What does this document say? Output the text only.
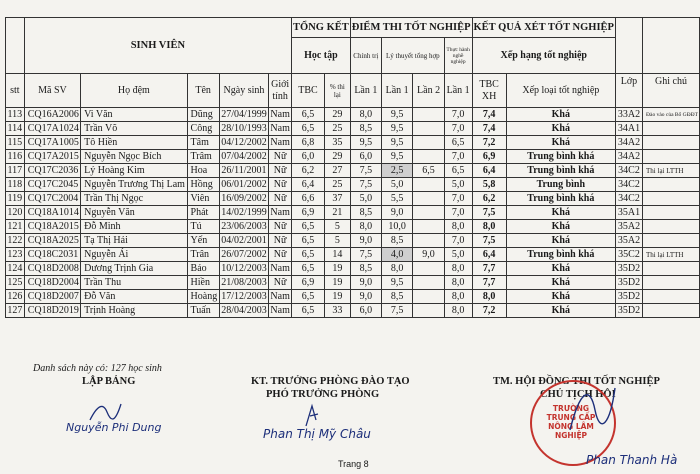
	SINH VIÊN					TỔNG KẾT		ĐIỂM THI TỐT NGHIỆP				KẾT QUẢ XÉT TỐT NGHIỆP			
						Học tập		Chính trị	Lý thuyết tổng hợp		Thực hành nghề nghiệp	Xếp hạng tốt nghiệp			

stt	Mã SV	Họ đệm	Tên	Ngày sinh	Giới tính	TBC	% thi lại	Lần 1	Lần 1	Lần 2	Lần 1	TBC XH	Xếp loại tốt nghiệp	Lớp	Ghi chú
113	CQ16A2006	Vi Văn	Dũng	27/04/1999	Nam	6,5	29	8,0	9,5		7,0	7,4	Khá	33A2	Đào vào của Bổ GĐĐT
114	CQ17A1024	Trần Võ	Công	28/10/1993	Nam	6,5	25	8,5	9,5		7,0	7,4	Khá	34A1	
115	CQ17A1005	Tô Hiền	Tâm	04/12/2002	Nam	6,8	35	9,5	9,5		6,5	7,2	Khá	34A2	
116	CQ17A2015	Nguyễn Ngọc Bích	Trâm	07/04/2002	Nữ	6,0	29	6,0	9,5		7,0	6,9	Trung bình khá	34A2	
117	CQ17C2036	Lý Hoàng Kim	Hoa	26/11/2001	Nữ	6,2	27	7,5	2,5	6,5	6,5	6,4	Trung bình khá	34C2	Thi lại LTTH
118	CQ17C2045	Nguyễn Trương Thị Lam	Hồng	06/01/2002	Nữ	6,4	25	7,5	5,0		5,0	5,8	Trung bình	34C2	
119	CQ17C2004	Trần Thị Ngọc	Viên	16/09/2002	Nữ	6,6	37	5,0	5,5		7,0	6,2	Trung bình khá	34C2	
120	CQ18A1014	Nguyễn Văn	Phát	14/02/1999	Nam	6,9	21	8,5	9,0		7,0	7,5	Khá	35A1	
121	CQ18A2015	Đỗ Minh	Tú	23/06/2003	Nữ	6,5	5	8,0	10,0		8,0	8,0	Khá	35A2	
122	CQ18A2025	Tạ Thị Hải	Yến	04/02/2001	Nữ	6,5	5	9,0	8,5		7,0	7,5	Khá	35A2	
123	CQ18C2031	Nguyễn Ái	Trân	26/07/2002	Nữ	6,5	14	7,5	4,0	9,0	5,0	6,4	Trung bình khá	35C2	Thi lại LTTH
124	CQ18D2008	Dương Trịnh Gia	Bảo	10/12/2003	Nam	6,5	19	8,5	8,0		8,0	7,7	Khá	35D2	
125	CQ18D2004	Trần Thu	Hiền	21/08/2003	Nữ	6,9	19	9,0	9,5		8,0	7,7	Khá	35D2	
126	CQ18D2007	Đỗ Văn	Hoàng	17/12/2003	Nam	6,5	19	9,0	8,5		8,0	8,0	Khá	35D2	
127	CQ18D2019	Trịnh Hoàng	Tuấn	28/04/2003	Nam	6,5	33	6,0	7,5		8,0	7,2	Khá	35D2	
Danh sách này có: 127 học sinh
LẬP BẢNG	KT. TRƯỞNG PHÒNG ĐÀO TẠO
PHÓ TRƯỞNG PHÒNG
TM. HỘI ĐỒNG THI TỐT NGHIỆP
CHỦ TỊCH HỘI
Nguyễn Phi Dung	Phan Thị Mỹ Châu
TRƯỜNG TRUNG CẤP NÔNG LÂM NGHIỆP
Phan Thanh Hà
Trang 8
